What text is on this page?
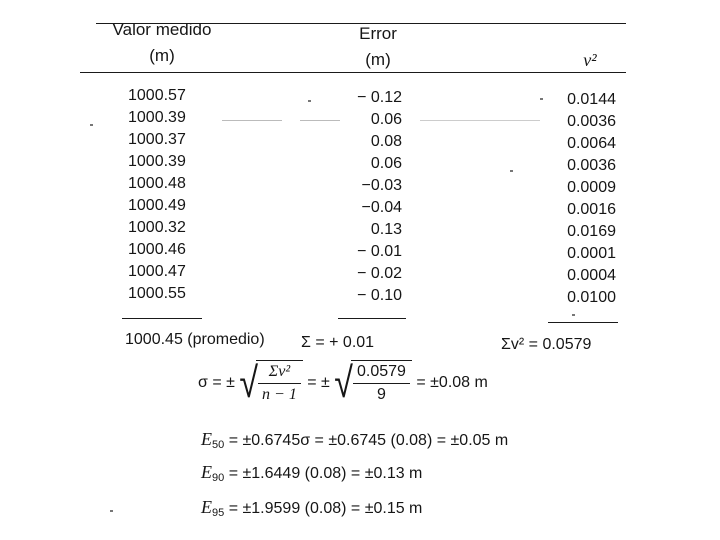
Valor medido
(m)
Error
(m)	v²
1000.57
1000.39
1000.37
1000.39
1000.48
1000.49
1000.32
1000.46
1000.47
1000.55
− 0.12
0.06
0.08
0.06
−0.03
−0.04
0.13
− 0.01
− 0.02
− 0.10
0.0144
0.0036
0.0064
0.0036
0.0009
0.0016
0.0169
0.0001
0.0004
0.0100
1000.45 (promedio) Σ = + 0.01	Σv² = 0.0579
σ = ± √ $\frac{\text{Σv²}}{n - 1}$ = ± √ $\frac{0.0579}{9} = \pm 0.08$ m
$E_{50} = \pm 0.6745\sigma = \pm 0.6745$ (0.08) = ±0.05 m
$E_{90} = \pm 1.6449$ (0.08) = ±0.13 m
$E_{95} = \pm 1.9599$ (0.08) = ±0.15 m
